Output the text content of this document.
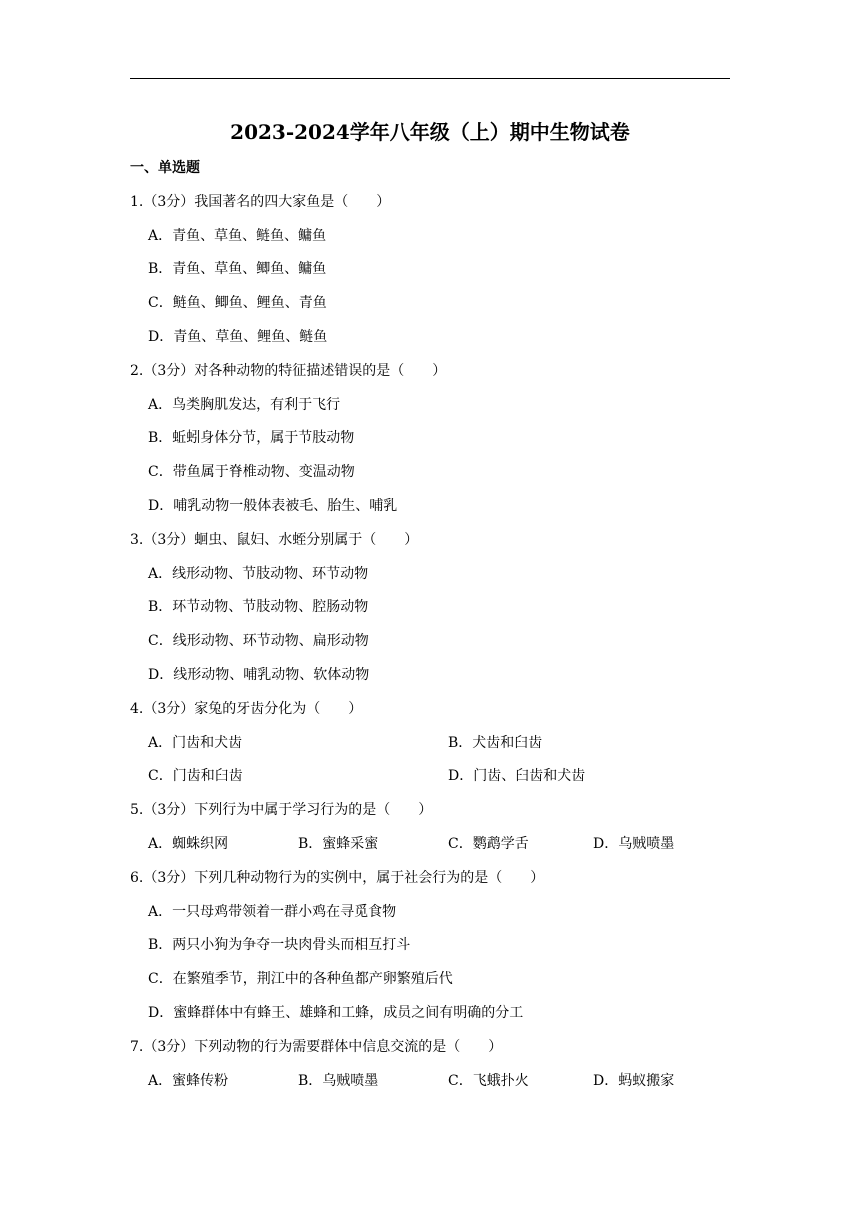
2023-2024学年八年级（上）期中生物试卷
一、单选题
1.（3分）我国著名的四大家鱼是（　　）
A．青鱼、草鱼、鲢鱼、鳙鱼
B．青鱼、草鱼、鲫鱼、鳙鱼
C．鲢鱼、鲫鱼、鲤鱼、青鱼
D．青鱼、草鱼、鲤鱼、鲢鱼
2.（3分）对各种动物的特征描述错误的是（　　）
A．鸟类胸肌发达，有利于飞行
B．蚯蚓身体分节，属于节肢动物
C．带鱼属于脊椎动物、变温动物
D．哺乳动物一般体表被毛、胎生、哺乳
3.（3分）蛔虫、鼠妇、水蛭分别属于（　　）
A．线形动物、节肢动物、环节动物
B．环节动物、节肢动物、腔肠动物
C．线形动物、环节动物、扁形动物
D．线形动物、哺乳动物、软体动物
4.（3分）家兔的牙齿分化为（　　）
A．门齿和犬齿	B．犬齿和臼齿
C．门齿和臼齿	D．门齿、臼齿和犬齿
5.（3分）下列行为中属于学习行为的是（　　）
A．蜘蛛织网	B．蜜蜂采蜜	C．鹦鹉学舌	D．乌贼喷墨
6.（3分）下列几种动物行为的实例中，属于社会行为的是（　　）
A．一只母鸡带领着一群小鸡在寻觅食物
B．两只小狗为争夺一块肉骨头而相互打斗
C．在繁殖季节，荆江中的各种鱼都产卵繁殖后代
D．蜜蜂群体中有蜂王、雄蜂和工蜂，成员之间有明确的分工
7.（3分）下列动物的行为需要群体中信息交流的是（　　）
A．蜜蜂传粉	B．乌贼喷墨	C．飞蛾扑火	D．蚂蚁搬家
